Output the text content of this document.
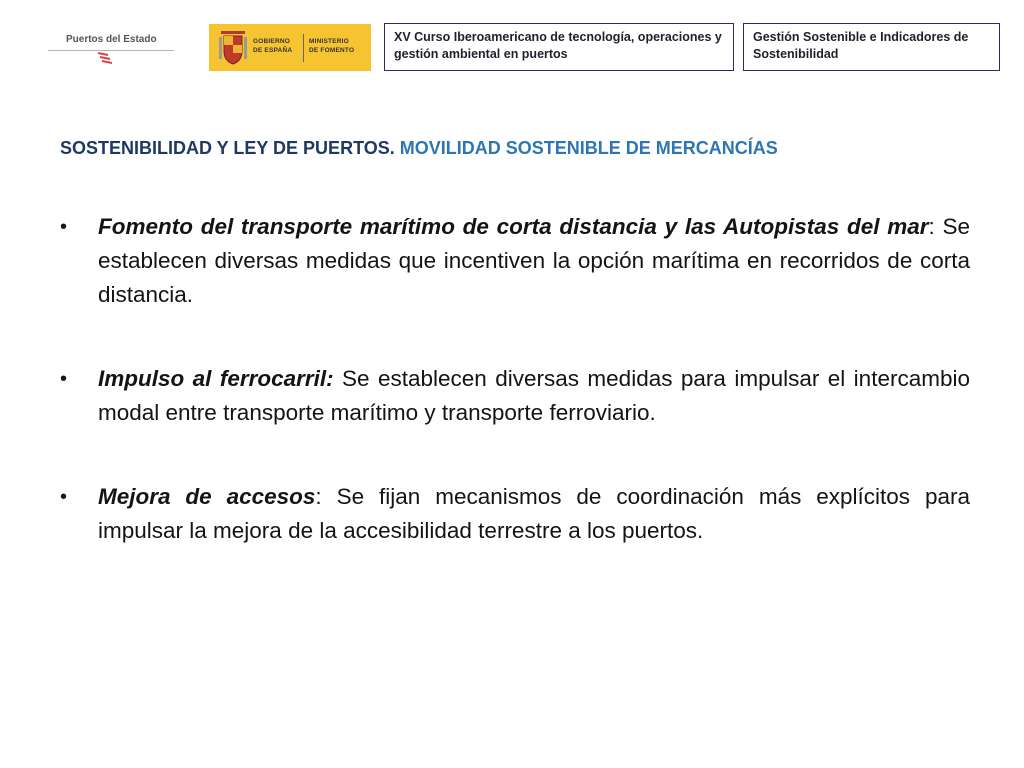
Puertos del Estado	GOBIERNO
DE ESPAÑA
MINISTERIO
DE FOMENTO
XV Curso Iberoamericano de tecnología, operaciones y gestión ambiental en puertos
Gestión Sostenible e Indicadores de Sostenibilidad
SOSTENIBILIDAD Y LEY DE PUERTOS. MOVILIDAD SOSTENIBLE DE MERCANCÍAS
• Fomento del transporte marítimo de corta distancia y las Autopistas del mar: Se establecen diversas medidas que incentiven la opción marítima en recorridos de corta distancia.
• Impulso al ferrocarril: Se establecen diversas medidas para impulsar el intercambio modal entre transporte marítimo y transporte ferroviario.
• Mejora de accesos: Se fijan mecanismos de coordinación más explícitos para impulsar la mejora de la accesibilidad terrestre a los puertos.
